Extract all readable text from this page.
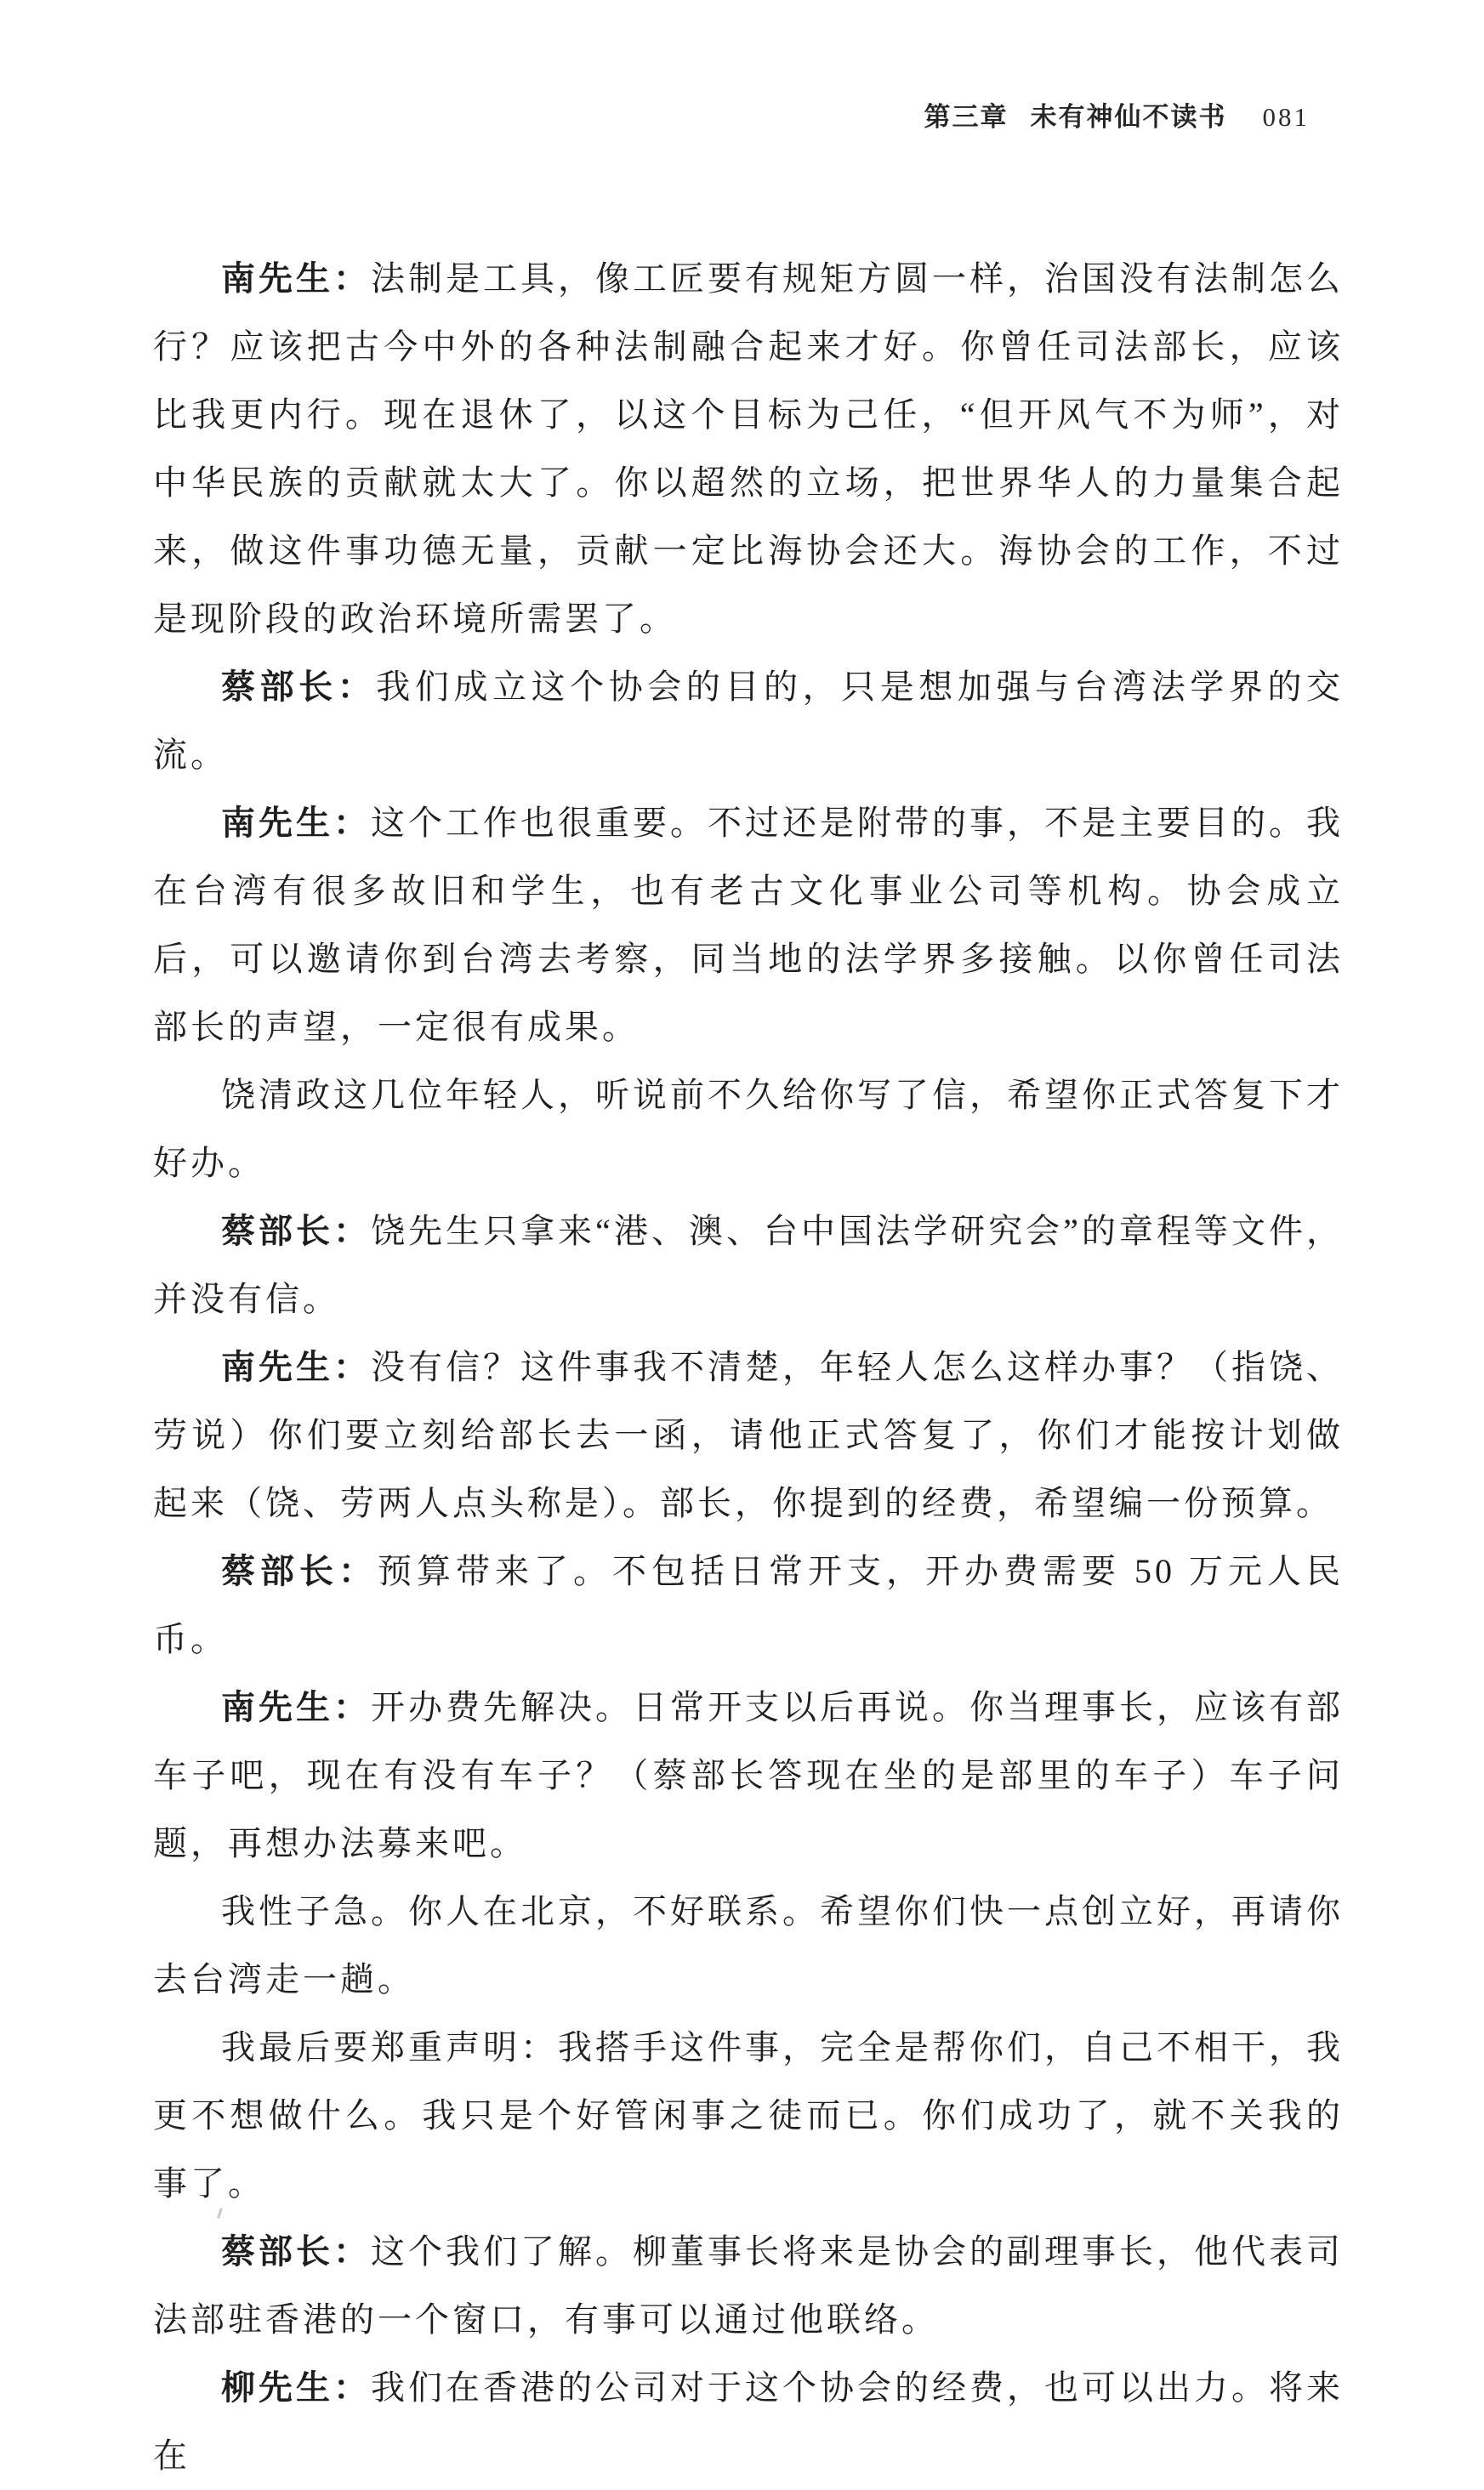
第三章 未有神仙不读书 081

南先生：法制是工具，像工匠要有规矩方圆一样，治国没有法制怎么行？应该把古今中外的各种法制融合起来才好。你曾任司法部长，应该比我更内行。现在退休了，以这个目标为己任，“但开风气不为师”，对中华民族的贡献就太大了。你以超然的立场，把世界华人的力量集合起来，做这件事功德无量，贡献一定比海协会还大。海协会的工作，不过是现阶段的政治环境所需罢了。

蔡部长：我们成立这个协会的目的，只是想加强与台湾法学界的交流。

南先生：这个工作也很重要。不过还是附带的事，不是主要目的。我在台湾有很多故旧和学生，也有老古文化事业公司等机构。协会成立后，可以邀请你到台湾去考察，同当地的法学界多接触。以你曾任司法部长的声望，一定很有成果。

饶清政这几位年轻人，听说前不久给你写了信，希望你正式答复下才好办。

蔡部长：饶先生只拿来“港、澳、台中国法学研究会”的章程等文件，并没有信。

南先生：没有信？这件事我不清楚，年轻人怎么这样办事？（指饶、劳说）你们要立刻给部长去一函，请他正式答复了，你们才能按计划做起来（饶、劳两人点头称是）。部长，你提到的经费，希望编一份预算。

蔡部长：预算带来了。不包括日常开支，开办费需要 50 万元人民币。

南先生：开办费先解决。日常开支以后再说。你当理事长，应该有部车子吧，现在有没有车子？（蔡部长答现在坐的是部里的车子）车子问题，再想办法募来吧。

我性子急。你人在北京，不好联系。希望你们快一点创立好，再请你去台湾走一趟。

我最后要郑重声明：我搭手这件事，完全是帮你们，自己不相干，我更不想做什么。我只是个好管闲事之徒而已。你们成功了，就不关我的事了。

蔡部长：这个我们了解。柳董事长将来是协会的副理事长，他代表司法部驻香港的一个窗口，有事可以通过他联络。

柳先生：我们在香港的公司对于这个协会的经费，也可以出力。将来在
